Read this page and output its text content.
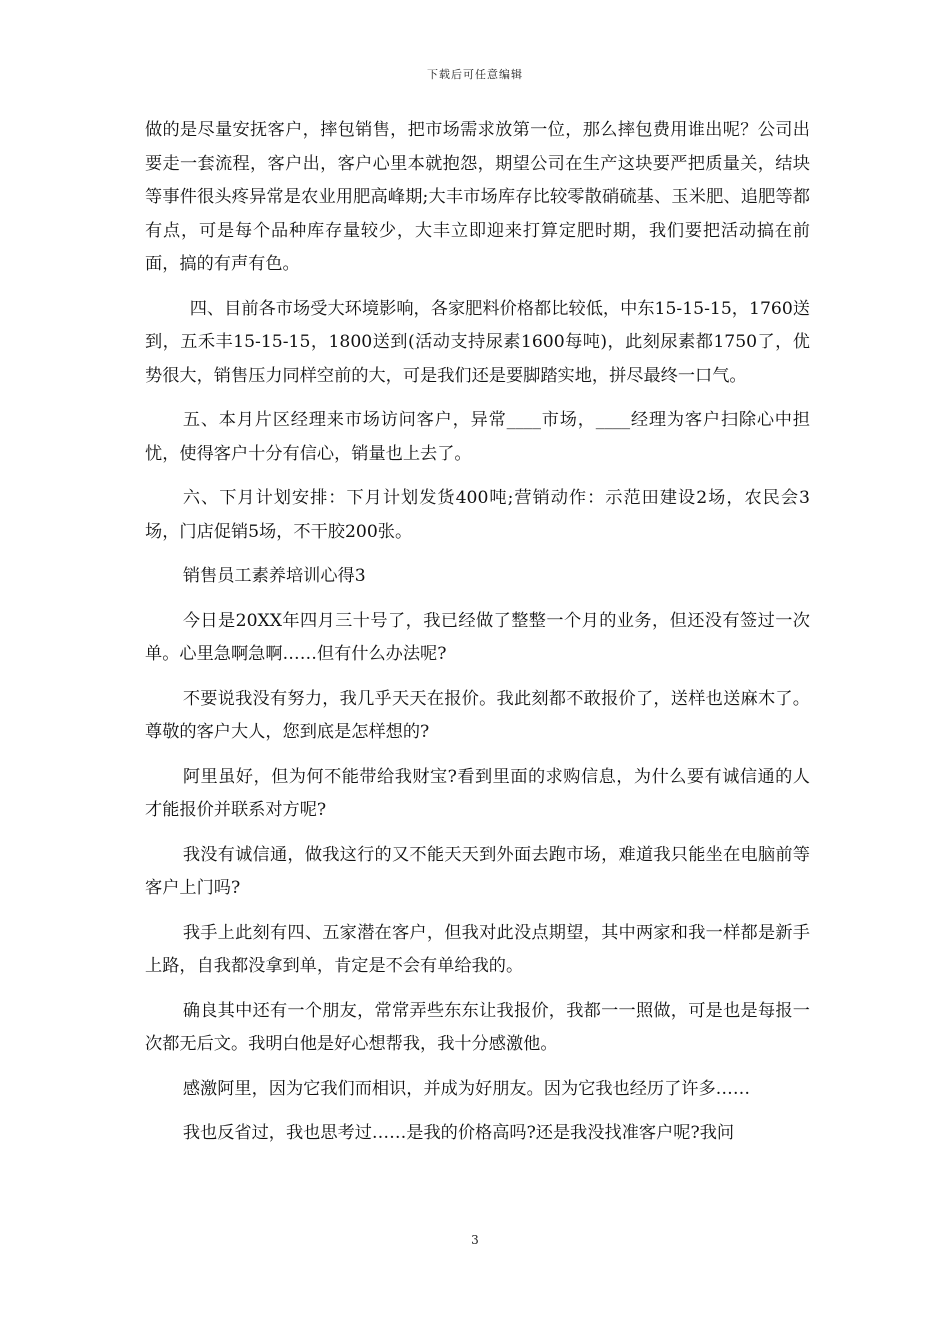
下载后可任意编辑

做的是尽量安抚客户，摔包销售，把市场需求放第一位，那么摔包费用谁出呢？公司出要走一套流程，客户出，客户心里本就抱怨，期望公司在生产这块要严把质量关，结块等事件很头疼异常是农业用肥高峰期;大丰市场库存比较零散硝硫基、玉米肥、追肥等都有点，可是每个品种库存量较少，大丰立即迎来打算定肥时期，我们要把活动搞在前面，搞的有声有色。

四、目前各市场受大环境影响，各家肥料价格都比较低，中东15-15-15，1760送到，五禾丰15-15-15，1800送到(活动支持尿素1600每吨)，此刻尿素都1750了，优势很大，销售压力同样空前的大，可是我们还是要脚踏实地，拼尽最终一口气。

五、本月片区经理来市场访问客户，异常____市场，____经理为客户扫除心中担忧，使得客户十分有信心，销量也上去了。

六、下月计划安排：下月计划发货400吨;营销动作：示范田建设2场，农民会3场，门店促销5场，不干胶200张。

销售员工素养培训心得3

今日是20XX年四月三十号了，我已经做了整整一个月的业务，但还没有签过一次单。心里急啊急啊……但有什么办法呢?

不要说我没有努力，我几乎天天在报价。我此刻都不敢报价了，送样也送麻木了。尊敬的客户大人，您到底是怎样想的?

阿里虽好，但为何不能带给我财宝?看到里面的求购信息，为什么要有诚信通的人才能报价并联系对方呢?

我没有诚信通，做我这行的又不能天天到外面去跑市场，难道我只能坐在电脑前等客户上门吗?

我手上此刻有四、五家潜在客户，但我对此没点期望，其中两家和我一样都是新手上路，自我都没拿到单，肯定是不会有单给我的。

确良其中还有一个朋友，常常弄些东东让我报价，我都一一照做，可是也是每报一次都无后文。我明白他是好心想帮我，我十分感激他。

感激阿里，因为它我们而相识，并成为好朋友。因为它我也经历了许多……

我也反省过，我也思考过……是我的价格高吗?还是我没找准客户呢?我问

3
